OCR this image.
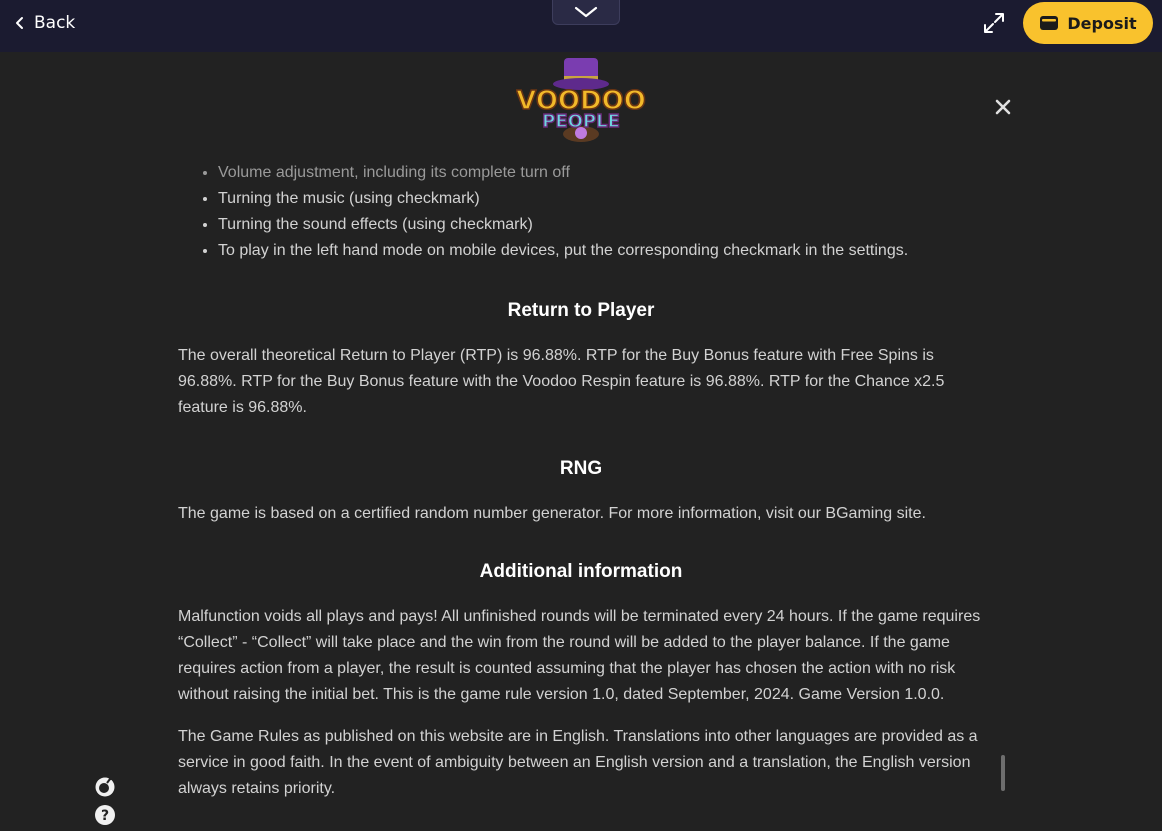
Back	Deposit
VOODOO
PEOPLE
• Volume adjustment, including its complete turn off
• Turning the music (using checkmark)
• Turning the sound effects (using checkmark)
• To play in the left hand mode on mobile devices, put the corresponding checkmark in the settings.
Return to Player

The overall theoretical Return to Player (RTP) is 96.88%. RTP for the Buy Bonus feature with Free Spins is 96.88%. RTP for the Buy Bonus feature with the Voodoo Respin feature is 96.88%. RTP for the Chance x2.5 feature is 96.88%.

RNG

The game is based on a certified random number generator. For more information, visit our BGaming site.

Additional information

Malfunction voids all plays and pays! All unfinished rounds will be terminated every 24 hours. If the game requires “Collect” - “Collect” will take place and the win from the round will be added to the player balance. If the game requires action from a player, the result is counted assuming that the player has chosen the action with no risk without raising the initial bet. This is the game rule version 1.0, dated September, 2024. Game Version 1.0.0.

The Game Rules as published on this website are in English. Translations into other languages are provided as a service in good faith. In the event of ambiguity between an English version and a translation, the English version always retains priority.

?
